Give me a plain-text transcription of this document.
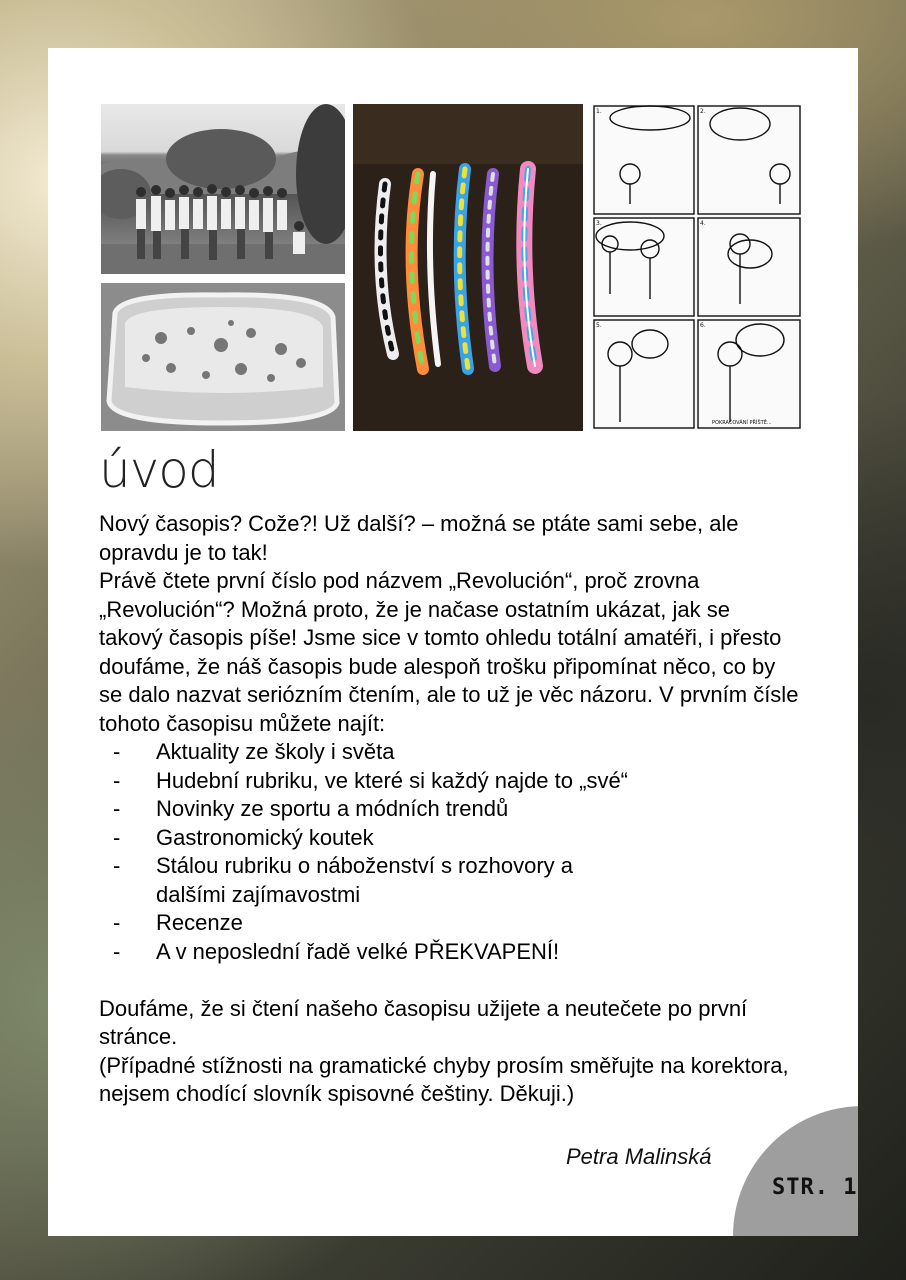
1.	2.
3.	4.
5.	6.
POKRAČOVÁNÍ PŘÍŠTĚ...
úvod

Nový časopis? Cože?! Už další? – možná se ptáte sami sebe, ale opravdu je to tak!

Právě čtete první číslo pod názvem „Revolución“, proč zrovna „Revolución“? Možná proto, že je načase ostatním ukázat, jak se takový časopis píše! Jsme sice v tomto ohledu totální amatéři, i přesto doufáme, že náš časopis bude alespoň trošku připomínat něco, co by se dalo nazvat seriózním čtením, ale to už je věc názoru. V prvním čísle tohoto časopisu můžete najít:

- Aktuality ze školy i světa
- Hudební rubriku, ve které si každý najde to „své“
- Novinky ze sportu a módních trendů
- Gastronomický koutek
- Stálou rubriku o náboženství s rozhovory a dalšími zajímavostmi
- Recenze
- A v neposlední řadě velké PŘEKVAPENÍ!

Doufáme, že si čtení našeho časopisu užijete a neutečete po první stránce.

(Případné stížnosti na gramatické chyby prosím směřujte na korektora, nejsem chodící slovník spisovné češtiny. Děkuji.)

Petra Malinská
STR. 1
